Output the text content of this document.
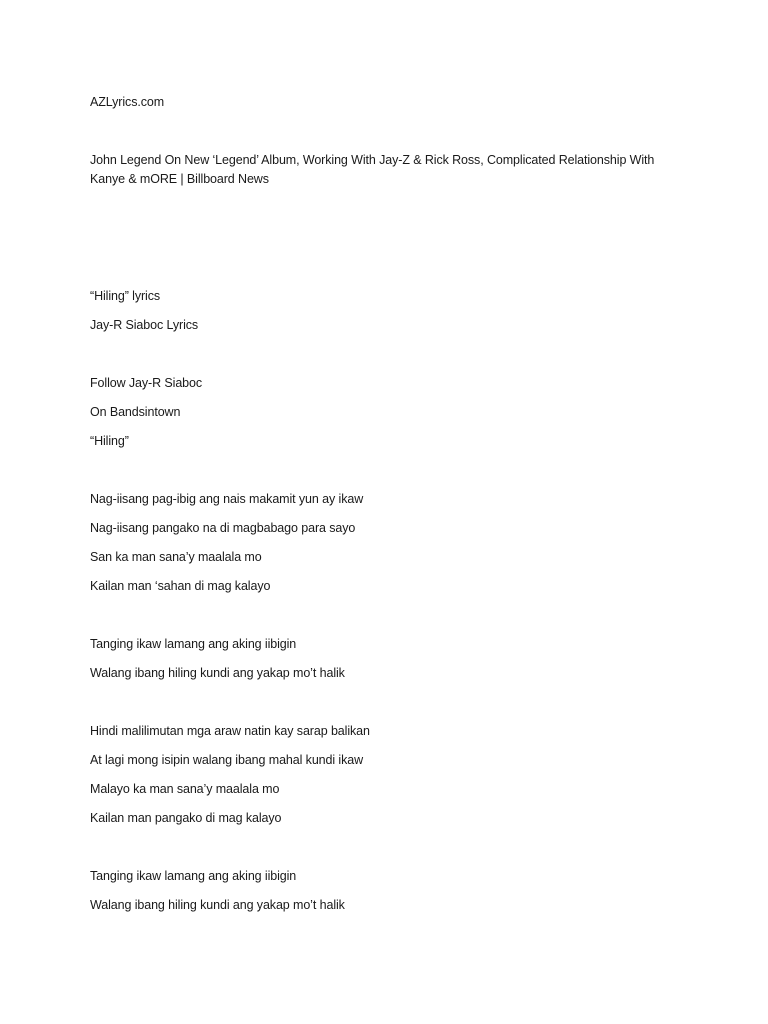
AZLyrics.com
John Legend On New ‘Legend’ Album, Working With Jay-Z & Rick Ross, Complicated Relationship With Kanye & mORE | Billboard News
“Hiling” lyrics
Jay-R Siaboc Lyrics
Follow Jay-R Siaboc
On Bandsintown
“Hiling”
Nag-iisang pag-ibig ang nais makamit yun ay ikaw
Nag-iisang pangako na di magbabago para sayo
San ka man sana’y maalala mo
Kailan man ‘sahan di mag kalayo
Tanging ikaw lamang ang aking iibigin
Walang ibang hiling kundi ang yakap mo’t halik
Hindi malilimutan mga araw natin kay sarap balikan
At lagi mong isipin walang ibang mahal kundi ikaw
Malayo ka man sana’y maalala mo
Kailan man pangako di mag kalayo
Tanging ikaw lamang ang aking iibigin
Walang ibang hiling kundi ang yakap mo’t halik
